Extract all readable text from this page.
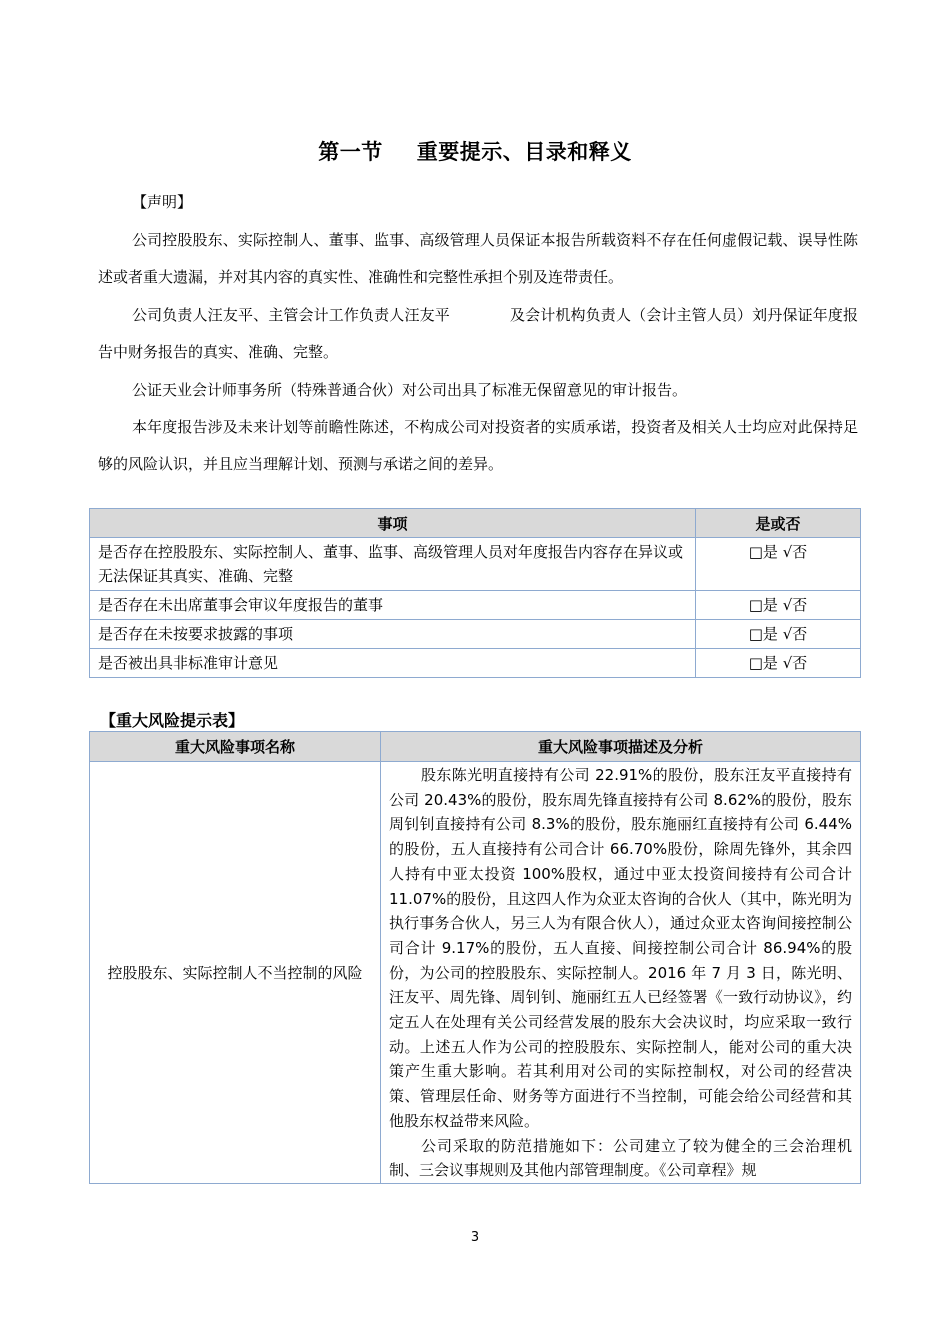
第一节 重要提示、目录和释义
【声明】
公司控股股东、实际控制人、董事、监事、高级管理人员保证本报告所载资料不存在任何虚假记载、误导性陈述或者重大遗漏，并对其内容的真实性、准确性和完整性承担个别及连带责任。
公司负责人汪友平、主管会计工作负责人汪友平	及会计机构负责人（会计主管人员）刘丹保证年度报告中财务报告的真实、准确、完整。
公证天业会计师事务所（特殊普通合伙）对公司出具了标准无保留意见的审计报告。
本年度报告涉及未来计划等前瞻性陈述，不构成公司对投资者的实质承诺，投资者及相关人士均应对此保持足够的风险认识，并且应当理解计划、预测与承诺之间的差异。
事项	是或否
是否存在控股股东、实际控制人、董事、监事、高级管理人员对年度报告内容存在异议或无法保证其真实、准确、完整	□是 √否
是否存在未出席董事会审议年度报告的董事	□是 √否
是否存在未按要求披露的事项	□是 √否
是否被出具非标准审计意见	□是 √否
【重大风险提示表】
重大风险事项名称	重大风险事项描述及分析
控股股东、实际控制人不当控制的风险	股东陈光明直接持有公司 22.91%的股份，股东汪友平直接持有公司 20.43%的股份，股东周先锋直接持有公司 8.62%的股份，股东周钊钊直接持有公司 8.3%的股份，股东施丽红直接持有公司 6.44%的股份，五人直接持有公司合计 66.70%股份，除周先锋外，其余四人持有中亚太投资 100%股权，通过中亚太投资间接持有公司合计 11.07%的股份，且这四人作为众亚太咨询的合伙人（其中，陈光明为执行事务合伙人，另三人为有限合伙人），通过众亚太咨询间接控制公司合计 9.17%的股份，五人直接、间接控制公司合计 86.94%的股份，为公司的控股股东、实际控制人。2016 年 7 月 3 日，陈光明、汪友平、周先锋、周钊钊、施丽红五人已经签署《一致行动协议》，约定五人在处理有关公司经营发展的股东大会决议时，均应采取一致行动。上述五人作为公司的控股股东、实际控制人，能对公司的重大决策产生重大影响。若其利用对公司的实际控制权，对公司的经营决策、管理层任命、财务等方面进行不当控制，可能会给公司经营和其他股东权益带来风险。

公司采取的防范措施如下：公司建立了较为健全的三会治理机制、三会议事规则及其他内部管理制度。《公司章程》规

3
